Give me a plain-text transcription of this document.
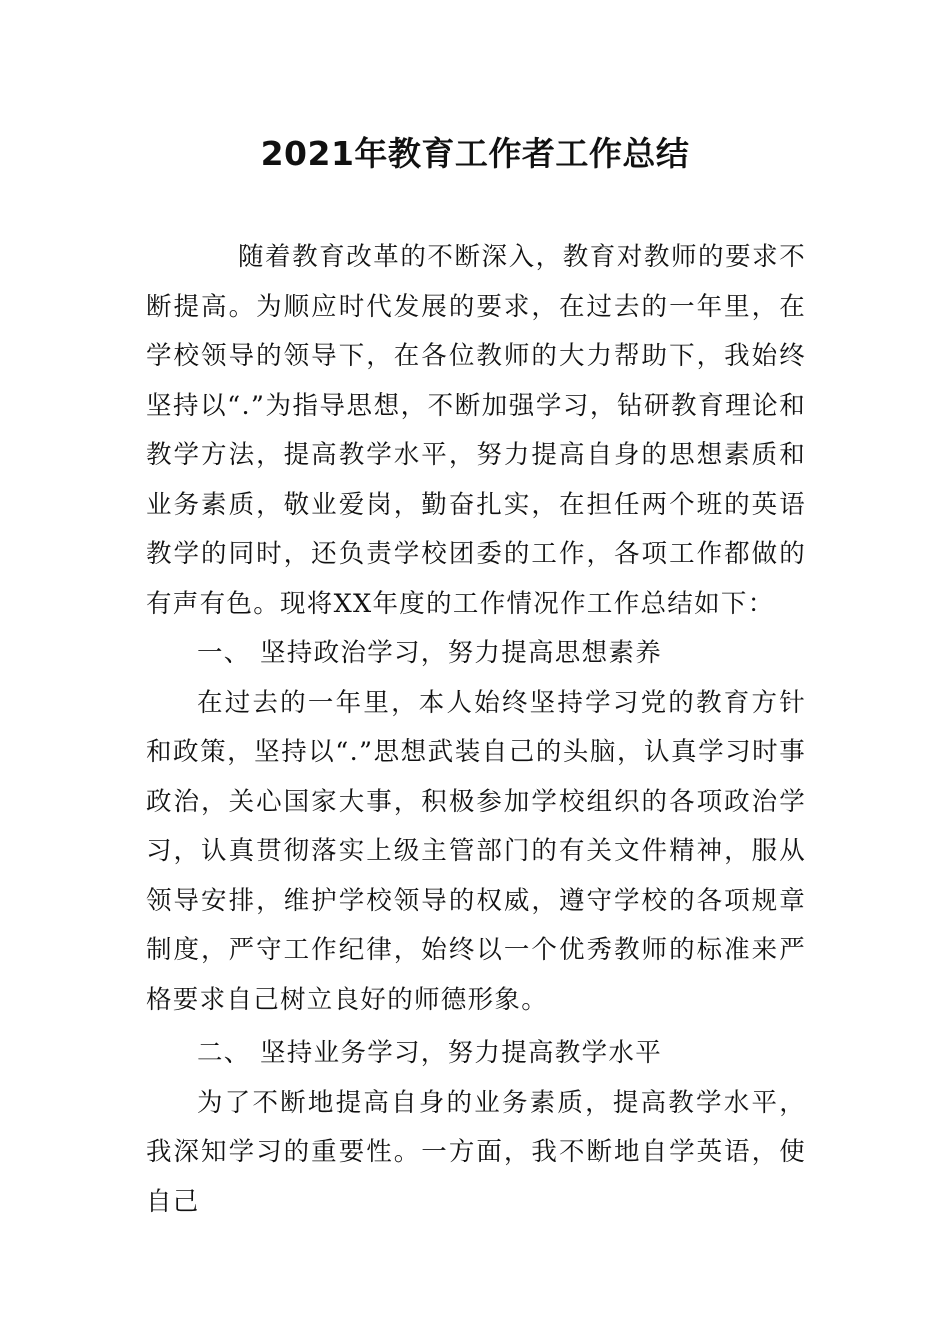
2021年教育工作者工作总结

随着教育改革的不断深入，教育对教师的要求不断提高。为顺应时代发展的要求，在过去的一年里，在学校领导的领导下，在各位教师的大力帮助下，我始终坚持以“.”为指导思想，不断加强学习，钻研教育理论和教学方法，提高教学水平，努力提高自身的思想素质和业务素质，敬业爱岗，勤奋扎实，在担任两个班的英语教学的同时，还负责学校团委的工作，各项工作都做的有声有色。现将XX年度的工作情况作工作总结如下：

一、 坚持政治学习，努力提高思想素养

在过去的一年里，本人始终坚持学习党的教育方针和政策，坚持以“.”思想武装自己的头脑，认真学习时事政治，关心国家大事，积极参加学校组织的各项政治学习，认真贯彻落实上级主管部门的有关文件精神，服从领导安排，维护学校领导的权威，遵守学校的各项规章制度，严守工作纪律，始终以一个优秀教师的标准来严格要求自己树立良好的师德形象。

二、 坚持业务学习，努力提高教学水平

为了不断地提高自身的业务素质，提高教学水平，我深知学习的重要性。一方面，我不断地自学英语，使自己
